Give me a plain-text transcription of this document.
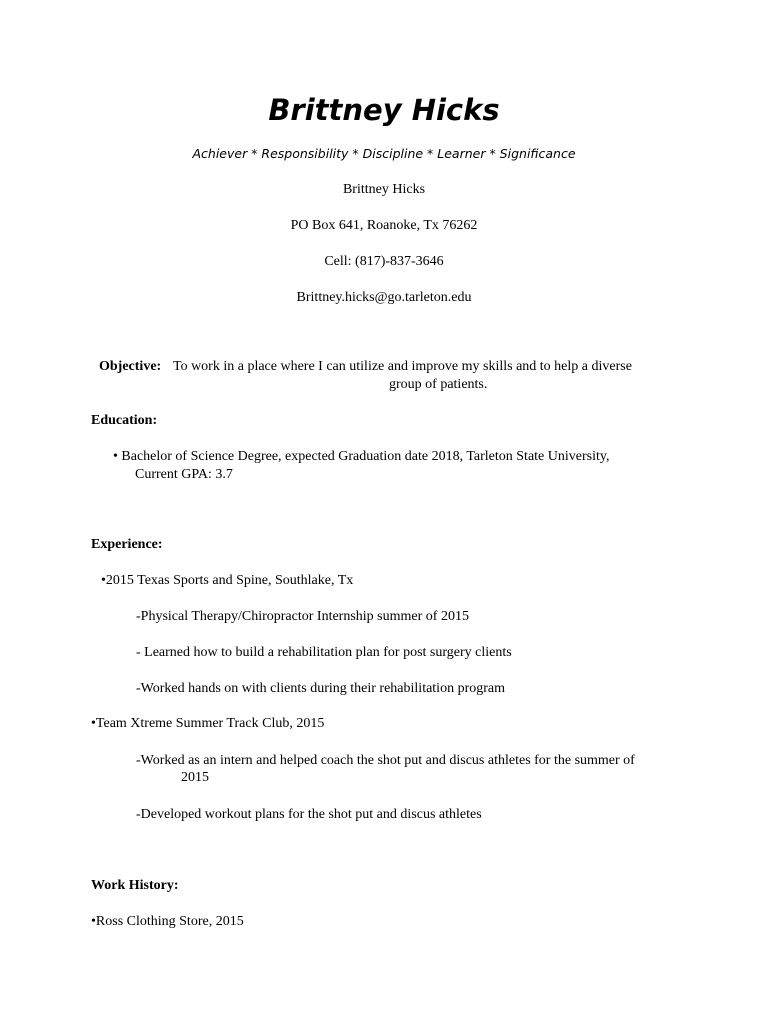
Brittney Hicks
Achiever * Responsibility * Discipline * Learner * Significance
Brittney Hicks
PO Box 641, Roanoke, Tx 76262
Cell: (817)-837-3646
Brittney.hicks@go.tarleton.edu
Objective: To work in a place where I can utilize and improve my skills and to help a diverse
group of patients.
Education:
• Bachelor of Science Degree, expected Graduation date 2018, Tarleton State University,
Current GPA: 3.7
Experience:
•2015 Texas Sports and Spine, Southlake, Tx
-Physical Therapy/Chiropractor Internship summer of 2015
- Learned how to build a rehabilitation plan for post surgery clients
-Worked hands on with clients during their rehabilitation program
•Team Xtreme Summer Track Club, 2015
-Worked as an intern and helped coach the shot put and discus athletes for the summer of
2015
-Developed workout plans for the shot put and discus athletes
Work History:
•Ross Clothing Store, 2015
